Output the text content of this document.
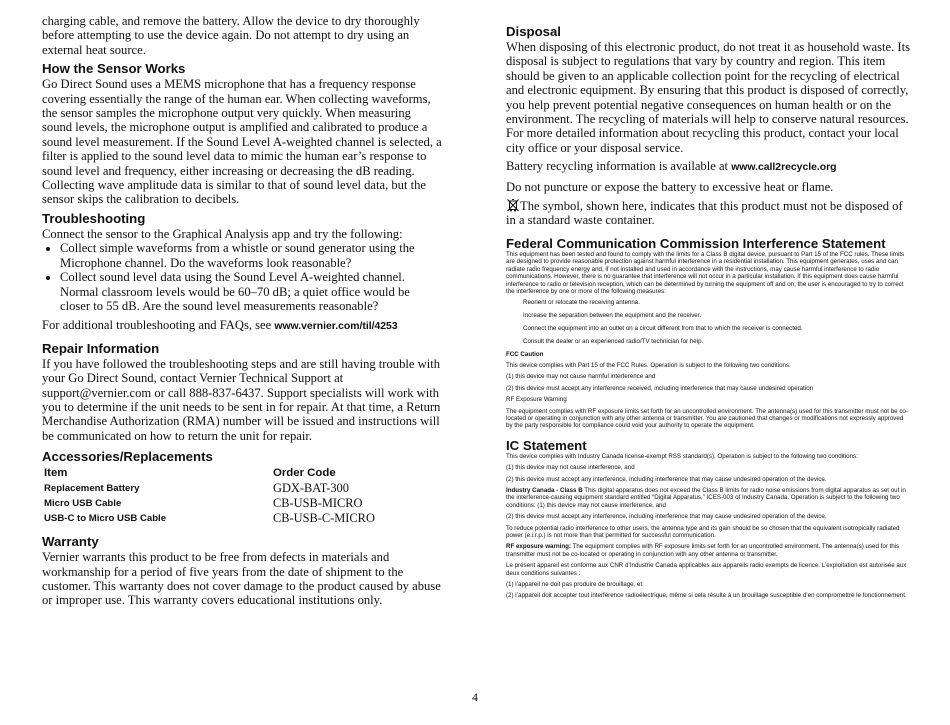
charging cable, and remove the battery. Allow the device to dry thoroughly before attempting to use the device again. Do not attempt to dry using an external heat source.

How the Sensor Works

Go Direct Sound uses a MEMS microphone that has a frequency response covering essentially the range of the human ear. When collecting waveforms, the sensor samples the microphone output very quickly. When measuring sound levels, the microphone output is amplified and calibrated to produce a sound level measurement. If the Sound Level A-weighted channel is selected, a filter is applied to the sound level data to mimic the human ear’s response to sound level and frequency, either increasing or decreasing the dB reading. Collecting wave amplitude data is similar to that of sound level data, but the sensor skips the calibration to decibels.

Troubleshooting

Connect the sensor to the Graphical Analysis app and try the following:

• Collect simple waveforms from a whistle or sound generator using the Microphone channel. Do the waveforms look reasonable?
• Collect sound level data using the Sound Level A-weighted channel. Normal classroom levels would be 60–70 dB; a quiet office would be closer to 55 dB. Are the sound level measurements reasonable?

For additional troubleshooting and FAQs, see www.vernier.com/til/4253

Repair Information

If you have followed the troubleshooting steps and are still having trouble with your Go Direct Sound, contact Vernier Technical Support at support@vernier.com or call 888-837-6437. Support specialists will work with you to determine if the unit needs to be sent in for repair. At that time, a Return Merchandise Authorization (RMA) number will be issued and instructions will be communicated on how to return the unit for repair.

Accessories/Replacements
Item	Order Code
Replacement Battery	GDX-BAT-300
Micro USB Cable	CB-USB-MICRO
USB-C to Micro USB Cable	CB-USB-C-MICRO
Warranty

Vernier warrants this product to be free from defects in materials and workmanship for a period of five years from the date of shipment to the customer. This warranty does not cover damage to the product caused by abuse or improper use. This warranty covers educational institutions only.

Disposal

When disposing of this electronic product, do not treat it as household waste. Its disposal is subject to regulations that vary by country and region. This item should be given to an applicable collection point for the recycling of electrical and electronic equipment. By ensuring that this product is disposed of correctly, you help prevent potential negative consequences on human health or on the environment. The recycling of materials will help to conserve natural resources. For more detailed information about recycling this product, contact your local city office or your disposal service.

Battery recycling information is available at www.call2recycle.org

Do not puncture or expose the battery to excessive heat or flame.

The symbol, shown here, indicates that this product must not be disposed of in a standard waste container.

Federal Communication Commission Interference Statement

This equipment has been tested and found to comply with the limits for a Class B digital device, pursuant to Part 15 of the FCC rules. These limits are designed to provide reasonable protection against harmful interference in a residential installation. This equipment generates, uses and can radiate radio frequency energy and, if not installed and used in accordance with the instructions, may cause harmful interference to radio communications. However, there is no guarantee that interference will not occur in a particular installation. If this equipment does cause harmful interference to radio or television reception, which can be determined by turning the equipment off and on, the user is encouraged to try to correct the interference by one or more of the following measures:

Reorient or relocate the receiving antenna.

Increase the separation between the equipment and the receiver.

Connect the equipment into an outlet on a circuit different from that to which the receiver is connected.

Consult the dealer or an experienced radio/TV technician for help.

FCC Caution

This device complies with Part 15 of the FCC Rules. Operation is subject to the following two conditions:

(1) this device may not cause harmful interference and

(2) this device must accept any interference received, including interference that may cause undesired operation

RF Exposure Warning

The equipment complies with RF exposure limits set forth for an uncontrolled environment. The antenna(s) used for this transmitter must not be co-located or operating in conjunction with any other antenna or transmitter. You are cautioned that changes or modifications not expressly approved by the party responsible for compliance could void your authority to operate the equipment.

IC Statement

This device complies with Industry Canada license-exempt RSS standard(s). Operation is subject to the following two conditions:

(1) this device may not cause interference, and

(2) this device must accept any interference, including interference that may cause undesired operation of the device.

Industry Canada - Class B This digital apparatus does not exceed the Class B limits for radio noise emissions from digital apparatus as set out in the interference-causing equipment standard entitled “Digital Apparatus,” ICES-003 of Industry Canada. Operation is subject to the following two conditions: (1) this device may not cause interference, and

(2) this device must accept any interference, including interference that may cause undesired operation of the device.

To reduce potential radio interference to other users, the antenna type and its gain should be so chosen that the equivalent isotropically radiated power (e.i.r.p.) is not more than that permitted for successful communication.

RF exposure warning: The equipment complies with RF exposure limits set forth for an uncontrolled environment. The antenna(s) used for this transmitter must not be co-located or operating in conjunction with any other antenna or transmitter.

Le présent appareil est conforme aux CNR d’Industrie Canada applicables aux appareils radio exempts de licence. L’exploitation est autorisée aux deux conditions suivantes :

(1) l’appareil ne doit pas produire de brouillage, et

(2) l’appareil doit accepter tout interférence radioélectrique, même si cela résulte à un brouillage susceptible d’en compromettre le fonctionnement.

4
